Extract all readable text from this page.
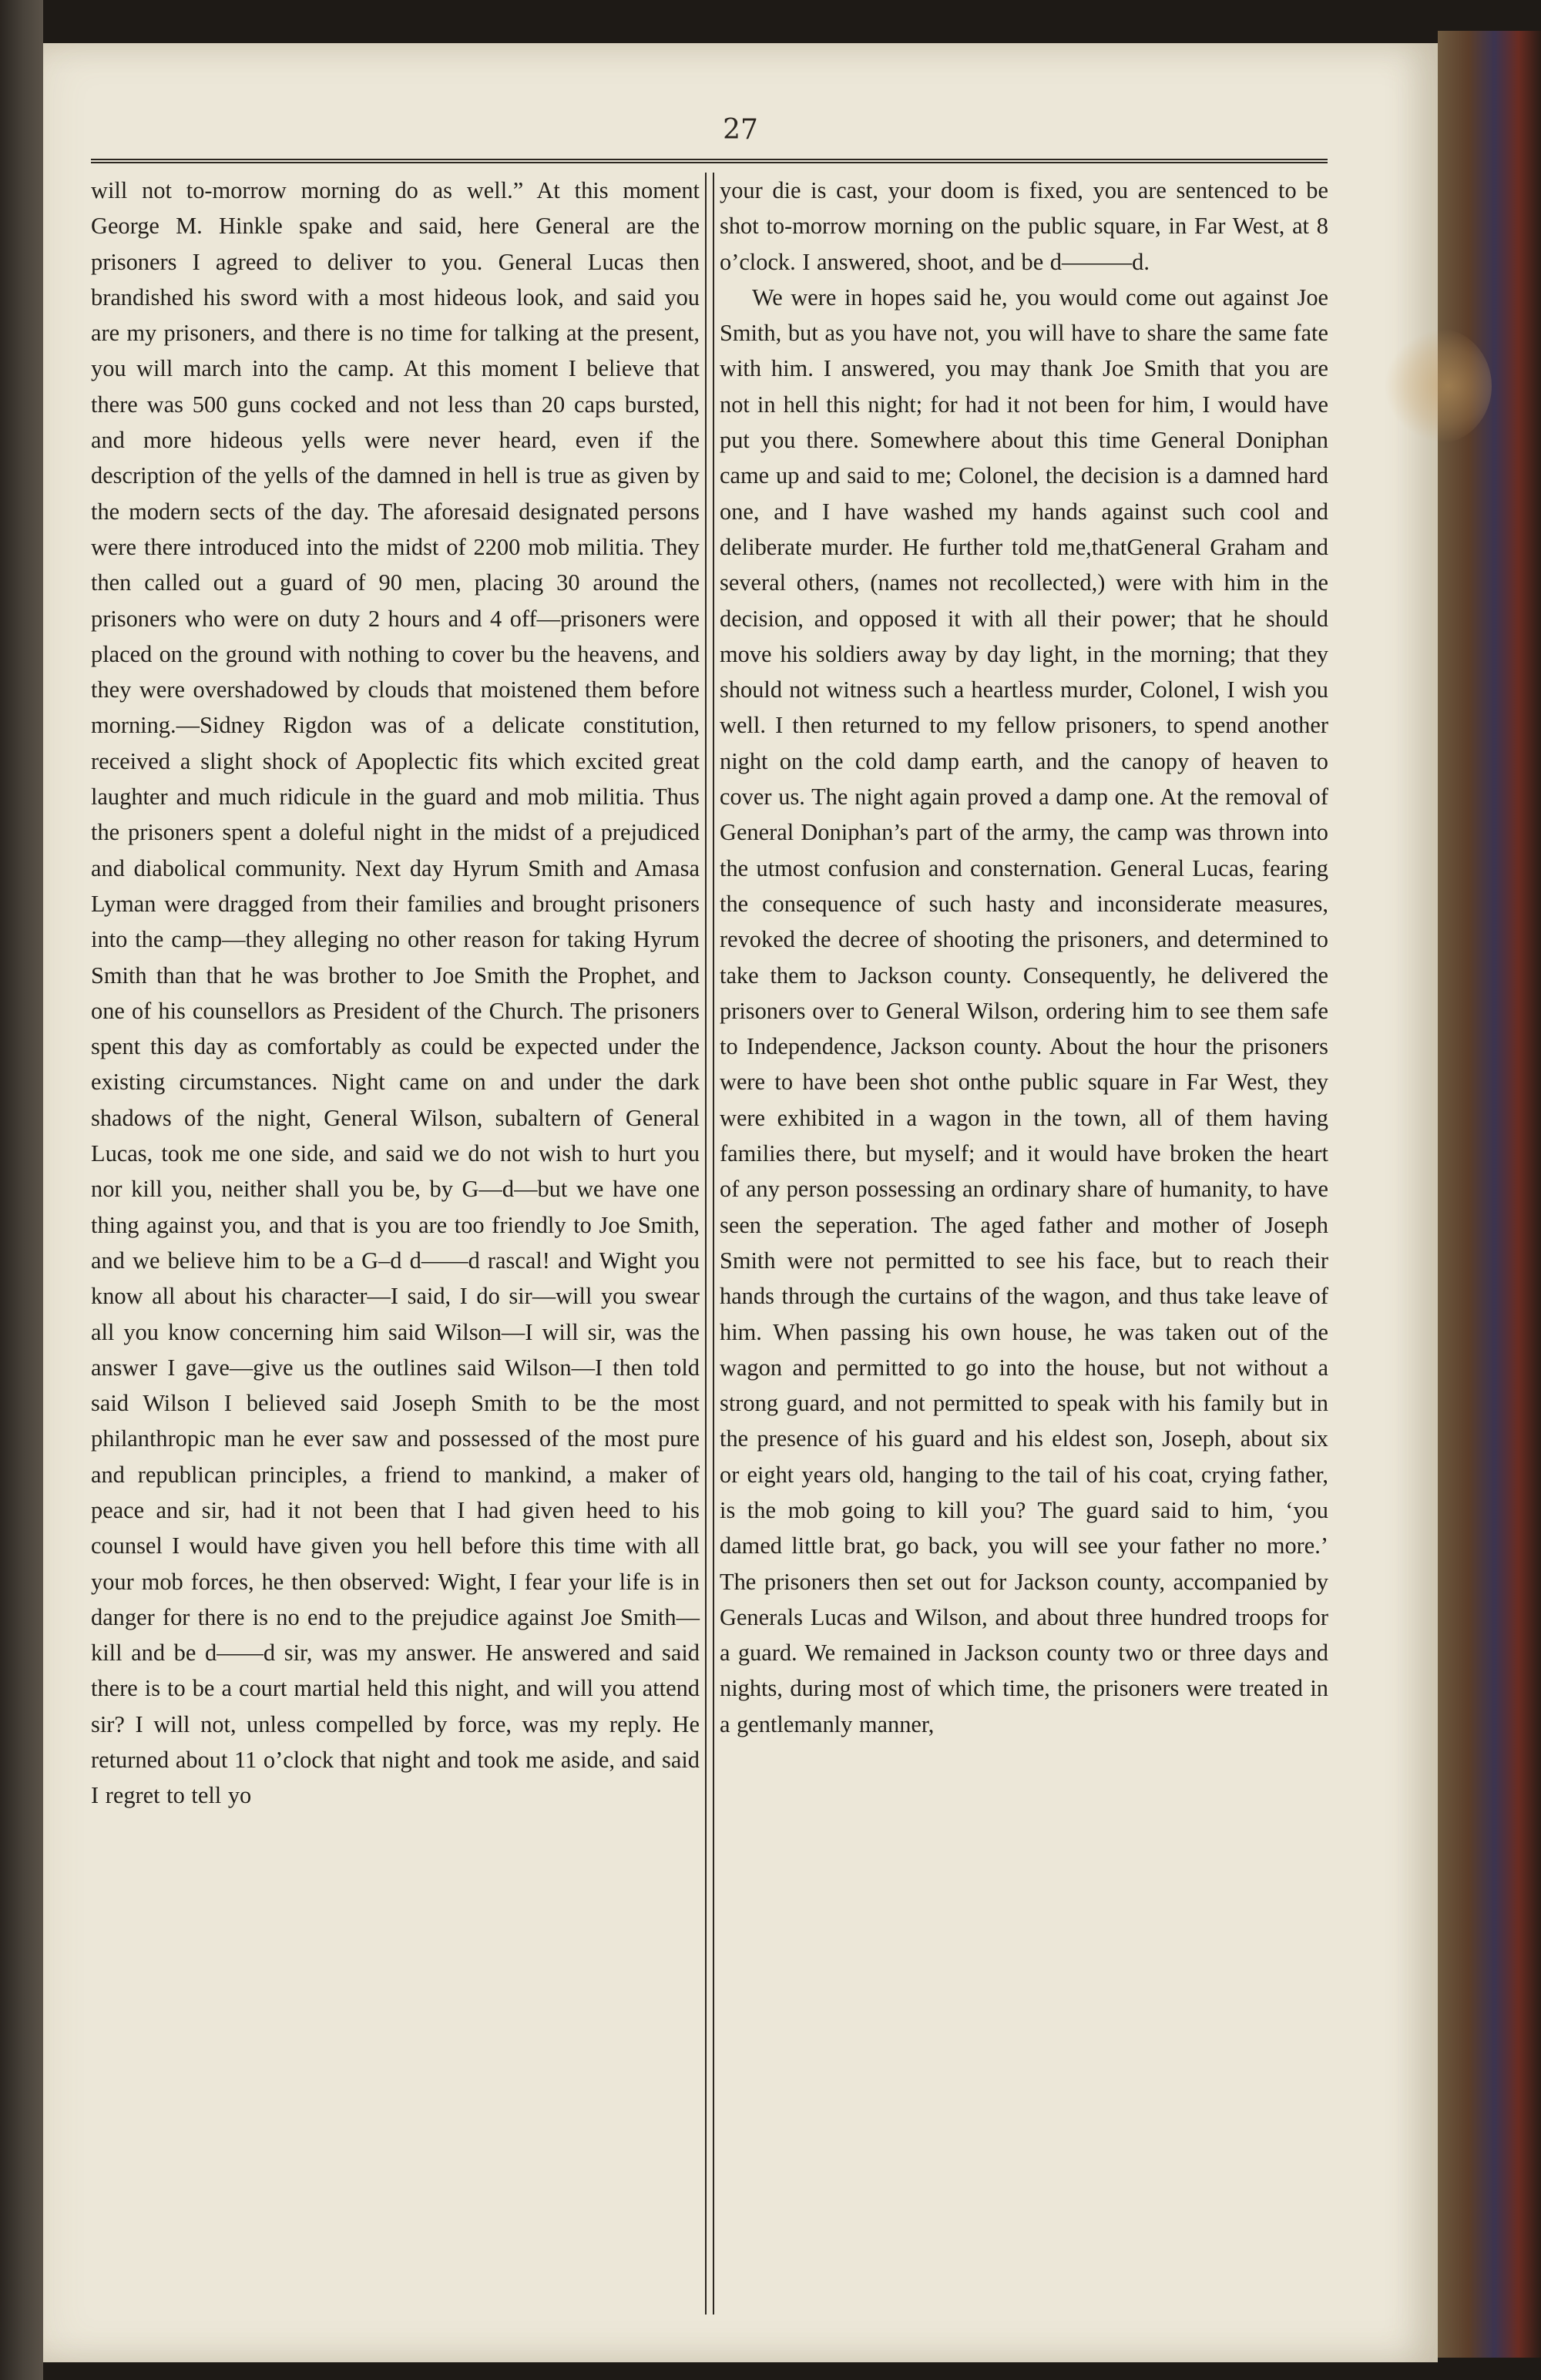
27

will not to-morrow morning do as well.” At this moment George M. Hinkle spake and said, here General are the prisoners I agreed to deliver to you. General Lucas then brandished his sword with a most hideous look, and said you are my prisoners, and there is no time for talking at the present, you will march into the camp. At this moment I believe that there was 500 guns cocked and not less than 20 caps bursted, and more hideous yells were never heard, even if the description of the yells of the damned in hell is true as given by the modern sects of the day. The aforesaid designated persons were there introduced into the midst of 2200 mob militia. They then called out a guard of 90 men, placing 30 around the prisoners who were on duty 2 hours and 4 off—prisoners were placed on the ground with nothing to cover bu the heavens, and they were overshadowed by clouds that moistened them before morning.—Sidney Rigdon was of a delicate constitution, received a slight shock of Apoplectic fits which excited great laughter and much ridicule in the guard and mob militia. Thus the prisoners spent a doleful night in the midst of a prejudiced and diabolical community. Next day Hyrum Smith and Amasa Lyman were dragged from their families and brought prisoners into the camp—they alleging no other reason for taking Hyrum Smith than that he was brother to Joe Smith the Prophet, and one of his counsellors as President of the Church. The prisoners spent this day as comfortably as could be expected under the existing circumstances. Night came on and under the dark shadows of the night, General Wilson, subaltern of General Lucas, took me one side, and said we do not wish to hurt you nor kill you, neither shall you be, by G—d—but we have one thing against you, and that is you are too friendly to Joe Smith, and we believe him to be a G–d d——d rascal! and Wight you know all about his character—I said, I do sir—will you swear all you know concerning him said Wilson—I will sir, was the answer I gave—give us the outlines said Wilson—I then told said Wilson I believed said Joseph Smith to be the most philanthropic man he ever saw and possessed of the most pure and republican principles, a friend to mankind, a maker of peace and sir, had it not been that I had given heed to his counsel I would have given you hell before this time with all your mob forces, he then observed: Wight, I fear your life is in danger for there is no end to the prejudice against Joe Smith—kill and be d——d sir, was my answer. He answered and said there is to be a court martial held this night, and will you attend sir? I will not, unless compelled by force, was my reply. He returned about 11 o’clock that night and took me aside, and said I regret to tell yo

your die is cast, your doom is fixed, you are sentenced to be shot to-morrow morning on the public square, in Far West, at 8 o’clock. I answered, shoot, and be d———d.

We were in hopes said he, you would come out against Joe Smith, but as you have not, you will have to share the same fate with him. I answered, you may thank Joe Smith that you are not in hell this night; for had it not been for him, I would have put you there. Somewhere about this time General Doniphan came up and said to me; Colonel, the decision is a damned hard one, and I have washed my hands against such cool and deliberate murder. He further told me,thatGeneral Graham and several others, (names not recollected,) were with him in the decision, and opposed it with all their power; that he should move his soldiers away by day light, in the morning; that they should not witness such a heartless murder, Colonel, I wish you well. I then returned to my fellow prisoners, to spend another night on the cold damp earth, and the canopy of heaven to cover us. The night again proved a damp one. At the removal of General Doniphan’s part of the army, the camp was thrown into the utmost confusion and consternation. General Lucas, fearing the consequence of such hasty and inconsiderate measures, revoked the decree of shooting the prisoners, and determined to take them to Jackson county. Consequently, he delivered the prisoners over to General Wilson, ordering him to see them safe to Independence, Jackson county. About the hour the prisoners were to have been shot onthe public square in Far West, they were exhibited in a wagon in the town, all of them having families there, but myself; and it would have broken the heart of any person possessing an ordinary share of humanity, to have seen the seperation. The aged father and mother of Joseph Smith were not permitted to see his face, but to reach their hands through the curtains of the wagon, and thus take leave of him. When passing his own house, he was taken out of the wagon and permitted to go into the house, but not without a strong guard, and not permitted to speak with his family but in the presence of his guard and his eldest son, Joseph, about six or eight years old, hanging to the tail of his coat, crying father, is the mob going to kill you? The guard said to him, ‘you damed little brat, go back, you will see your father no more.’ The prisoners then set out for Jackson county, accompanied by Generals Lucas and Wilson, and about three hundred troops for a guard. We remained in Jackson county two or three days and nights, during most of which time, the prisoners were treated in a gentlemanly manner,
